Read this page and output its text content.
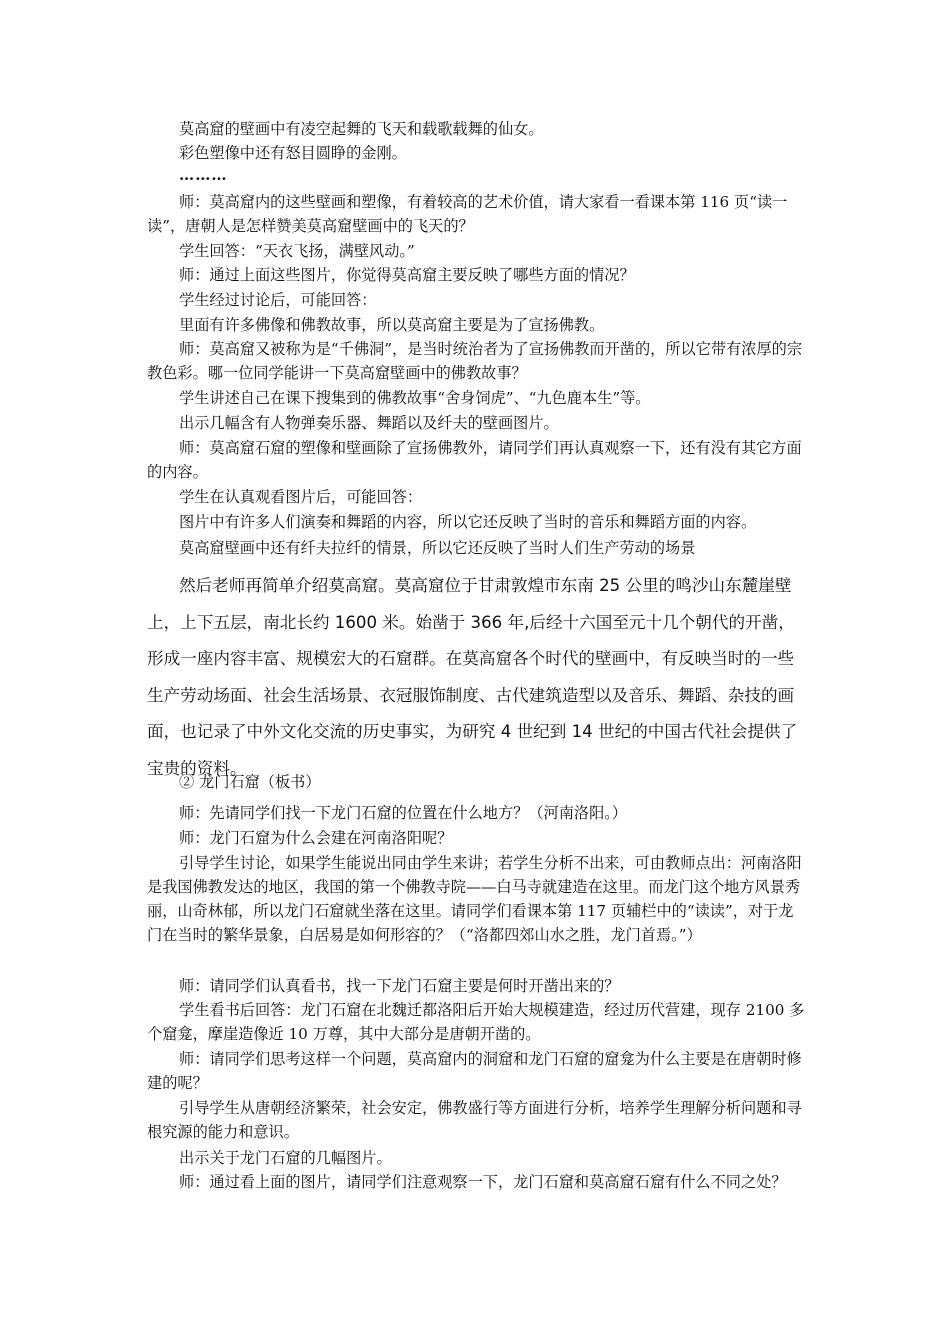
莫高窟的壁画中有凌空起舞的飞天和载歌载舞的仙女。

彩色塑像中还有怒目圆睁的金刚。

………

师：莫高窟内的这些壁画和塑像，有着较高的艺术价值，请大家看一看课本第 116 页“读一读”，唐朝人是怎样赞美莫高窟壁画中的飞天的？

学生回答：“天衣飞扬，满壁风动。”

师：通过上面这些图片，你觉得莫高窟主要反映了哪些方面的情况？

学生经过讨论后，可能回答：

里面有许多佛像和佛教故事，所以莫高窟主要是为了宣扬佛教。

师：莫高窟又被称为是“千佛洞”，是当时统治者为了宣扬佛教而开凿的，所以它带有浓厚的宗教色彩。哪一位同学能讲一下莫高窟壁画中的佛教故事？

学生讲述自己在课下搜集到的佛教故事“舍身饲虎”、“九色鹿本生”等。

出示几幅含有人物弹奏乐器、舞蹈以及纤夫的壁画图片。

师：莫高窟石窟的塑像和壁画除了宣扬佛教外，请同学们再认真观察一下，还有没有其它方面的内容。

学生在认真观看图片后，可能回答：

图片中有许多人们演奏和舞蹈的内容，所以它还反映了当时的音乐和舞蹈方面的内容。

莫高窟壁画中还有纤夫拉纤的情景，所以它还反映了当时人们生产劳动的场景

然后老师再简单介绍莫高窟。莫高窟位于甘肃敦煌市东南 25 公里的鸣沙山东麓崖壁上，上下五层，南北长约 1600 米。始凿于 366 年,后经十六国至元十几个朝代的开凿，形成一座内容丰富、规模宏大的石窟群。在莫高窟各个时代的壁画中，有反映当时的一些生产劳动场面、社会生活场景、衣冠服饰制度、古代建筑造型以及音乐、舞蹈、杂技的画面，也记录了中外文化交流的历史事实，为研究 4 世纪到 14 世纪的中国古代社会提供了宝贵的资料。

② 龙门石窟（板书）

师：先请同学们找一下龙门石窟的位置在什么地方？（河南洛阳。）

师：龙门石窟为什么会建在河南洛阳呢？

引导学生讨论，如果学生能说出同由学生来讲；若学生分析不出来，可由教师点出：河南洛阳是我国佛教发达的地区，我国的第一个佛教寺院——白马寺就建造在这里。而龙门这个地方风景秀丽，山奇林郁，所以龙门石窟就坐落在这里。请同学们看课本第 117 页辅栏中的“读读”，对于龙门在当时的繁华景象，白居易是如何形容的？（“洛都四郊山水之胜，龙门首焉。”）

师：请同学们认真看书，找一下龙门石窟主要是何时开凿出来的？

学生看书后回答：龙门石窟在北魏迁都洛阳后开始大规模建造，经过历代营建，现存 2100 多个窟龛，摩崖造像近 10 万尊，其中大部分是唐朝开凿的。

师：请同学们思考这样一个问题，莫高窟内的洞窟和龙门石窟的窟龛为什么主要是在唐朝时修建的呢？

引导学生从唐朝经济繁荣，社会安定，佛教盛行等方面进行分析，培养学生理解分析问题和寻根究源的能力和意识。

出示关于龙门石窟的几幅图片。

师：通过看上面的图片，请同学们注意观察一下，龙门石窟和莫高窟石窟有什么不同之处？
